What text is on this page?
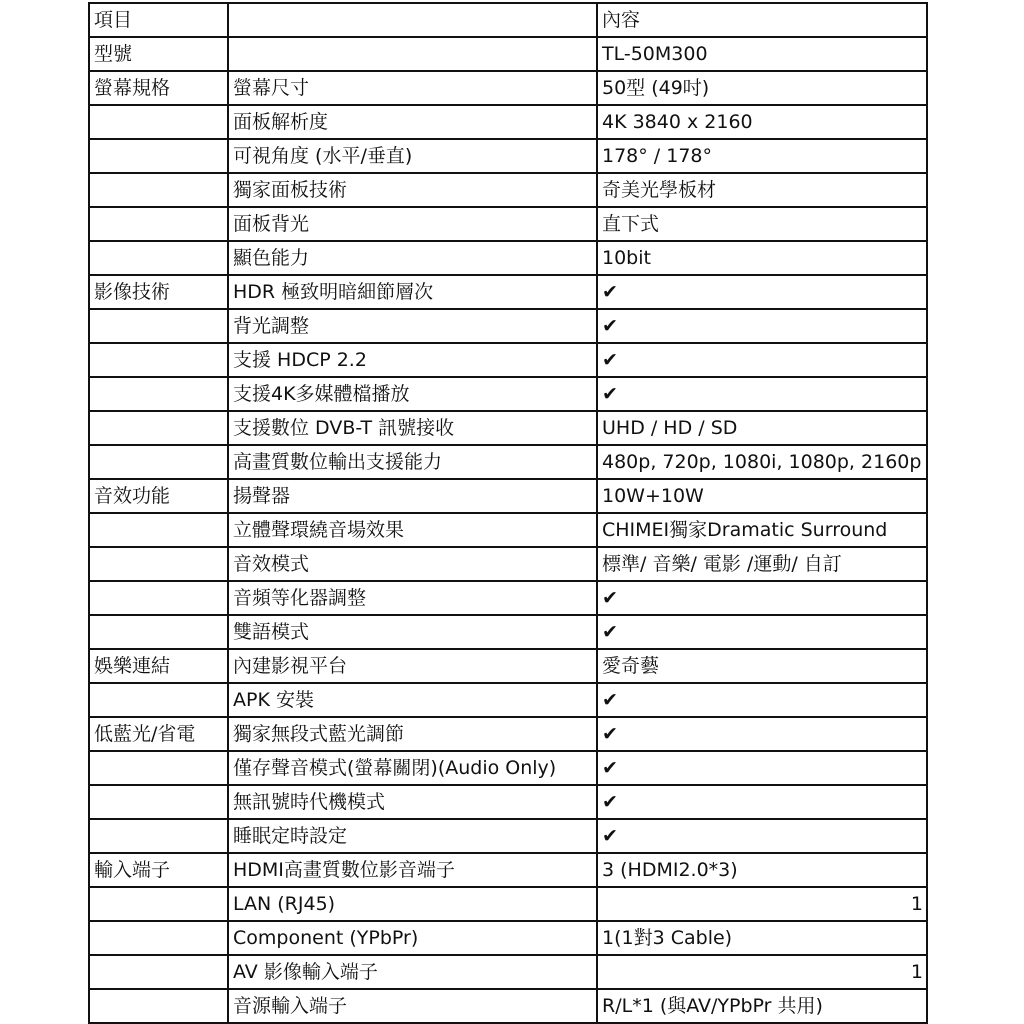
項目		內容
型號		TL-50M300
螢幕規格	螢幕尺寸	50型 (49吋)
	面板解析度	4K 3840 x 2160
	可視角度 (水平/垂直)	178° / 178°
	獨家面板技術	奇美光學板材
	面板背光	直下式
	顯色能力	10bit
影像技術	HDR 極致明暗細節層次	✔
	背光調整	✔
	支援 HDCP 2.2	✔
	支援4K多媒體檔播放	✔
	支援數位 DVB-T 訊號接收	UHD / HD / SD
	高畫質數位輸出支援能力	480p, 720p, 1080i, 1080p, 2160p
音效功能	揚聲器	10W+10W
	立體聲環繞音場效果	CHIMEI獨家Dramatic Surround
	音效模式	標準/ 音樂/ 電影 /運動/ 自訂
	音頻等化器調整	✔
	雙語模式	✔
娛樂連結	內建影視平台	愛奇藝
	APK 安裝	✔
低藍光/省電	獨家無段式藍光調節	✔
	僅存聲音模式(螢幕關閉)(Audio Only)	✔
	無訊號時代機模式	✔
	睡眠定時設定	✔
輸入端子	HDMI高畫質數位影音端子	3 (HDMI2.0*3)
	LAN (RJ45)	1
	Component (YPbPr)	1(1對3 Cable)
	AV 影像輸入端子	1
	音源輸入端子	R/L*1 (與AV/YPbPr 共用)
